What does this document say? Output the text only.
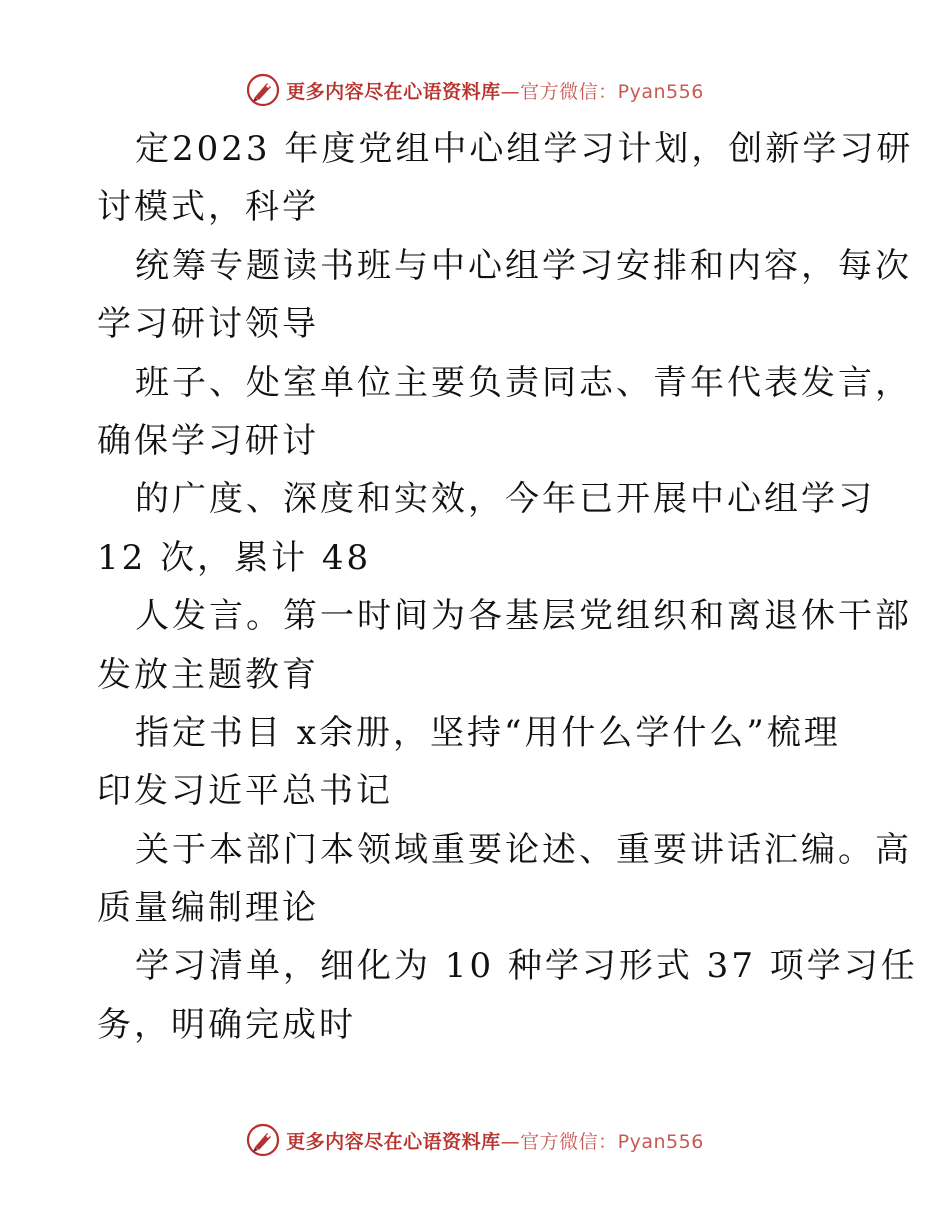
更多内容尽在心语资料库—官方微信：Pyan556
定2023 年度党组中心组学习计划，创新学习研
讨模式，科学
统筹专题读书班与中心组学习安排和内容，每次
学习研讨领导
班子、处室单位主要负责同志、青年代表发言，
确保学习研讨
的广度、深度和实效，今年已开展中心组学习
12 次，累计 48
人发言。第一时间为各基层党组织和离退休干部
发放主题教育
指定书目 x余册，坚持“用什么学什么”梳理
印发习近平总书记
关于本部门本领域重要论述、重要讲话汇编。高
质量编制理论
学习清单，细化为 10 种学习形式 37 项学习任
务，明确完成时
更多内容尽在心语资料库—官方微信：Pyan556
